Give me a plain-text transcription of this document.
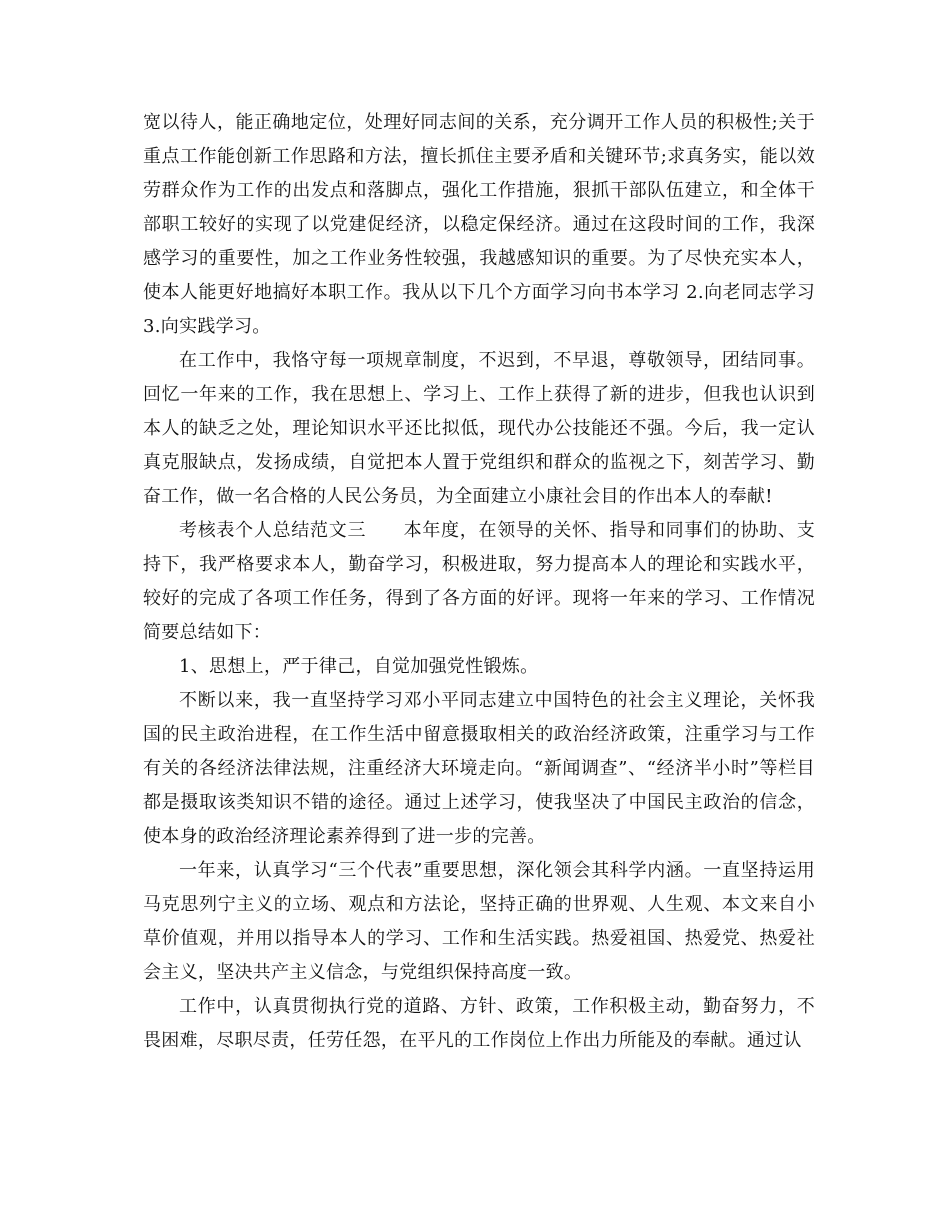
宽以待人，能正确地定位，处理好同志间的关系，充分调开工作人员的积极性;关于重点工作能创新工作思路和方法，擅长抓住主要矛盾和关键环节;求真务实，能以效劳群众作为工作的出发点和落脚点，强化工作措施，狠抓干部队伍建立，和全体干部职工较好的实现了以党建促经济，以稳定保经济。通过在这段时间的工作，我深感学习的重要性，加之工作业务性较强，我越感知识的重要。为了尽快充实本人，使本人能更好地搞好本职工作。我从以下几个方面学习向书本学习 2.向老同志学习 3.向实践学习。

在工作中，我恪守每一项规章制度，不迟到，不早退，尊敬领导，团结同事。回忆一年来的工作，我在思想上、学习上、工作上获得了新的进步，但我也认识到本人的缺乏之处，理论知识水平还比拟低，现代办公技能还不强。今后，我一定认真克服缺点，发扬成绩，自觉把本人置于党组织和群众的监视之下，刻苦学习、勤奋工作，做一名合格的人民公务员，为全面建立小康社会目的作出本人的奉献!

考核表个人总结范文三　　本年度，在领导的关怀、指导和同事们的协助、支持下，我严格要求本人，勤奋学习，积极进取，努力提高本人的理论和实践水平，较好的完成了各项工作任务，得到了各方面的好评。现将一年来的学习、工作情况简要总结如下：

1、思想上，严于律己，自觉加强党性锻炼。

不断以来，我一直坚持学习邓小平同志建立中国特色的社会主义理论，关怀我国的民主政治进程，在工作生活中留意摄取相关的政治经济政策，注重学习与工作有关的各经济法律法规，注重经济大环境走向。“新闻调查”、“经济半小时”等栏目都是摄取该类知识不错的途径。通过上述学习，使我坚决了中国民主政治的信念，使本身的政治经济理论素养得到了进一步的完善。

一年来，认真学习“三个代表”重要思想，深化领会其科学内涵。一直坚持运用马克思列宁主义的立场、观点和方法论，坚持正确的世界观、人生观、本文来自小草价值观，并用以指导本人的学习、工作和生活实践。热爱祖国、热爱党、热爱社会主义，坚决共产主义信念，与党组织保持高度一致。

工作中，认真贯彻执行党的道路、方针、政策，工作积极主动，勤奋努力，不畏困难，尽职尽责，任劳任怨，在平凡的工作岗位上作出力所能及的奉献。通过认
